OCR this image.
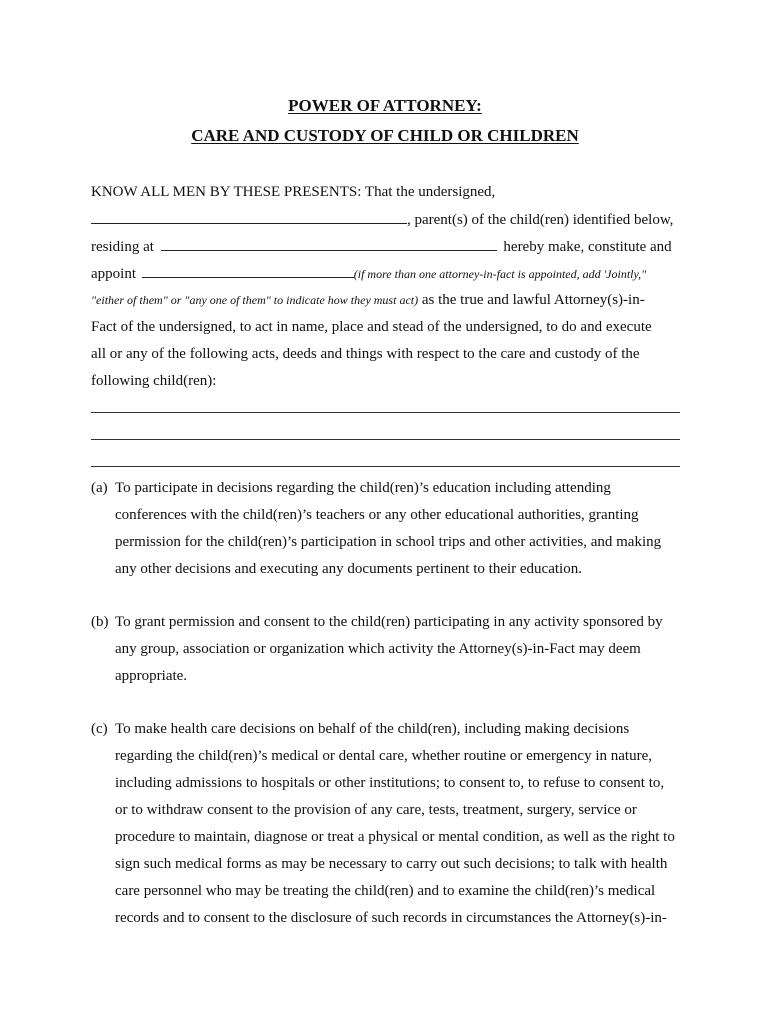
POWER OF ATTORNEY:
CARE AND CUSTODY OF CHILD OR CHILDREN
KNOW ALL MEN BY THESE PRESENTS: That the undersigned,
, parent(s) of the child(ren) identified below,
residing at	hereby make, constitute and
appoint	(if more than one attorney-in-fact is appointed, add 'Jointly,"
"either of them" or "any one of them" to indicate how they must act) as the true and lawful Attorney(s)-in-
Fact of the undersigned, to act in name, place and stead of the undersigned, to do and execute
all or any of the following acts, deeds and things with respect to the care and custody of the
following child(ren):
(a) To participate in decisions regarding the child(ren)’s education including attending
conferences with the child(ren)’s teachers or any other educational authorities, granting
permission for the child(ren)’s participation in school trips and other activities, and making
any other decisions and executing any documents pertinent to their education.
(b) To grant permission and consent to the child(ren) participating in any activity sponsored by
any group, association or organization which activity the Attorney(s)-in-Fact may deem
appropriate.
(c) To make health care decisions on behalf of the child(ren), including making decisions
regarding the child(ren)’s medical or dental care, whether routine or emergency in nature,
including admissions to hospitals or other institutions; to consent to, to refuse to consent to,
or to withdraw consent to the provision of any care, tests, treatment, surgery, service or
procedure to maintain, diagnose or treat a physical or mental condition, as well as the right to
sign such medical forms as may be necessary to carry out such decisions; to talk with health
care personnel who may be treating the child(ren) and to examine the child(ren)’s medical
records and to consent to the disclosure of such records in circumstances the Attorney(s)-in-
